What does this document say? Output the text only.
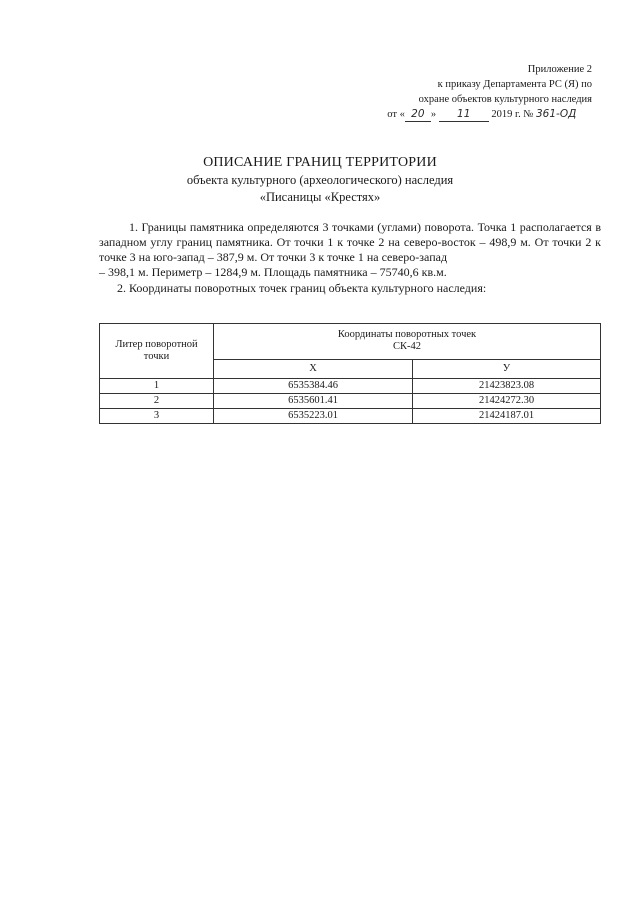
Приложение 2
к приказу Департамента РС (Я) по
охране объектов культурного наследия
от « 20 » 11 2019 г. № 361-ОД
ОПИСАНИЕ ГРАНИЦ ТЕРРИТОРИИ
объекта культурного (археологического) наследия
«Писаницы «Крестях»
1. Границы памятника определяются 3 точками (углами) поворота. Точка 1 располагается в западном углу границ памятника. От точки 1 к точке 2 на северо-восток – 498,9 м. От точки 2 к точке 3 на юго-запад – 387,9 м. От точки 3 к точке 1 на северо-запад
– 398,1 м. Периметр – 1284,9 м. Площадь памятника – 75740,6 кв.м.
2. Координаты поворотных точек границ объекта культурного наследия:
Литер поворотной точки	Координаты поворотных точек
СК-42	
	X	У
1	6535384.46	21423823.08
2	6535601.41	21424272.30
3	6535223.01	21424187.01
